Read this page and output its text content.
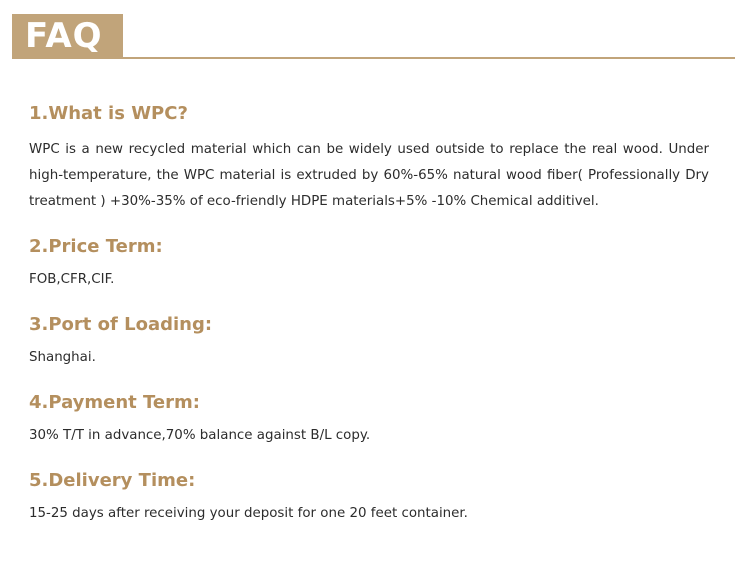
FAQ
1.What is WPC?

WPC is a new recycled material which can be widely used outside to replace the real wood. Under high-temperature, the WPC material is extruded by 60%-65% natural wood fiber( Professionally Dry treatment ) +30%-35% of eco-friendly HDPE materials+5% -10% Chemical additivel.

2.Price Term:

FOB,CFR,CIF.

3.Port of Loading:

Shanghai.

4.Payment Term:

30% T/T in advance,70% balance against B/L copy.

5.Delivery Time:

15-25 days after receiving your deposit for one 20 feet container.
